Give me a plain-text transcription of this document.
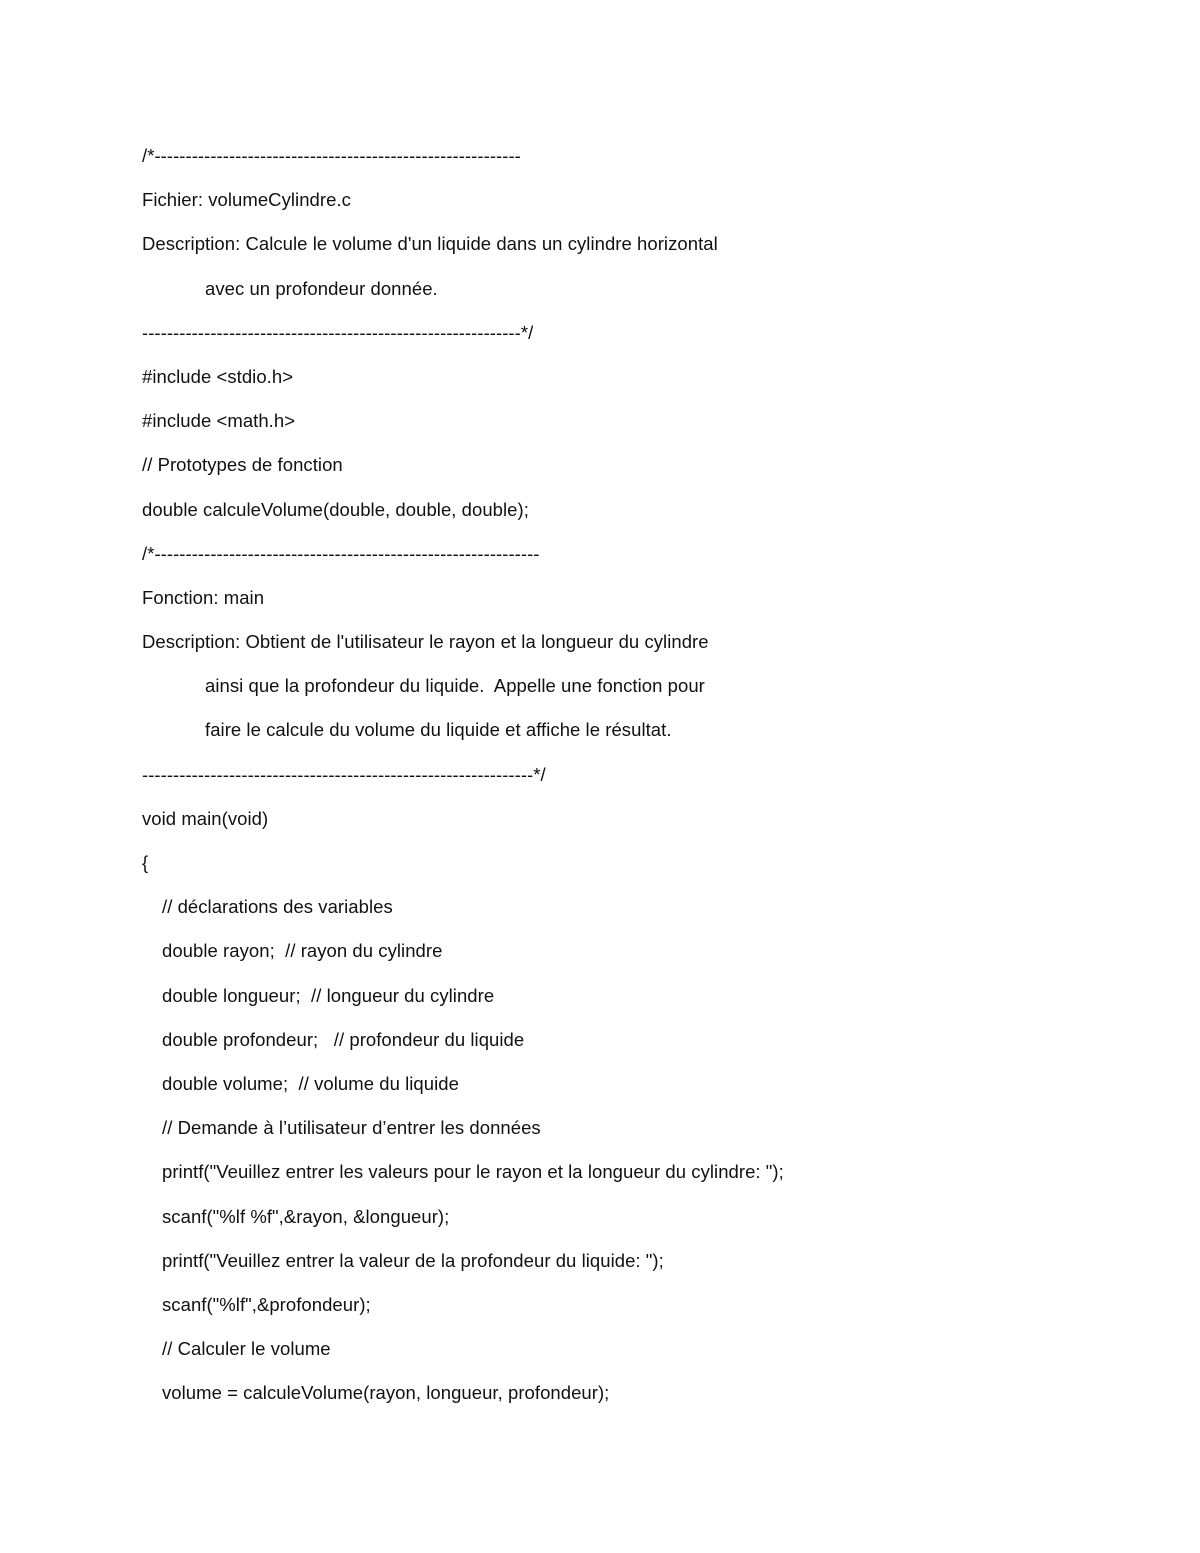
/*-----------------------------------------------------------
Fichier: volumeCylindre.c
Description: Calcule le volume d'un liquide dans un cylindre horizontal
avec un profondeur donnée.
-------------------------------------------------------------*/
#include <stdio.h>
#include <math.h>
// Prototypes de fonction
double calculeVolume(double, double, double);
/*--------------------------------------------------------------
Fonction: main
Description: Obtient de l'utilisateur le rayon et la longueur du cylindre
ainsi que la profondeur du liquide.  Appelle une fonction pour
faire le calcule du volume du liquide et affiche le résultat.
---------------------------------------------------------------*/
void main(void)
{
// déclarations des variables
double rayon;  // rayon du cylindre
double longueur;  // longueur du cylindre
double profondeur;   // profondeur du liquide
double volume;  // volume du liquide
// Demande à l’utilisateur d’entrer les données
printf("Veuillez entrer les valeurs pour le rayon et la longueur du cylindre: ");
scanf("%lf %f",&rayon, &longueur);
printf("Veuillez entrer la valeur de la profondeur du liquide: ");
scanf("%lf",&profondeur);
// Calculer le volume
volume = calculeVolume(rayon, longueur, profondeur);
